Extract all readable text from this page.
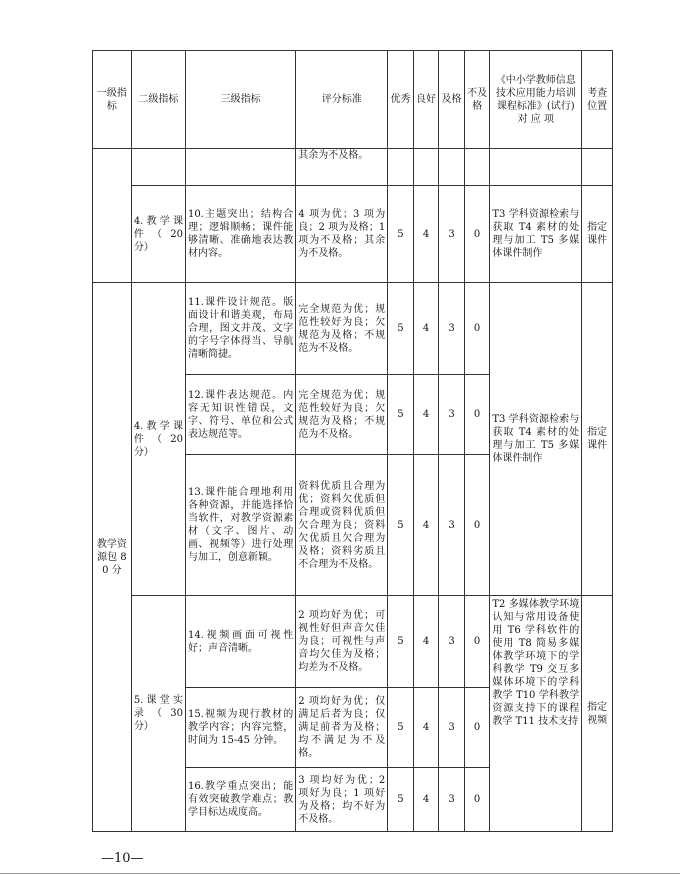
一级指标	二级指标	三级指标	评分标准	优秀	良好	及格	不及格	《中小学教师信息技术应用能力培训课程标准》(试行) 对 应 项	考查位置
			其余为不及格。						
	4. 教 学 课 件 （ 20 分）	10.主题突出；结构合理；逻辑顺畅；课件能够清晰、准确地表达教材内容。	4 项为优；3 项为良；2 项为及格；1 项为不及格；其余为不及格。	5	4	3	0	T3 学科资源检索与获取 T4 素材的处理与加工 T5 多媒体课件制作	指定课件
教学资源包 80 分	4. 教 学 课 件 （ 20 分）	11.课件设计规范。版面设计和谐美观，布局合理，图文并茂、文字的字号字体得当、导航清晰简捷。	完全规范为优；规范性较好为良；欠规范为及格；不规范为不及格。	5	4	3	0	T3 学科资源检索与获取 T4 素材的处理与加工 T5 多媒体课件制作	指定课件
		12.课件表达规范。内容无知识性错误，文字、符号、单位和公式表达规范等。	完全规范为优；规范性较好为良；欠规范为及格；不规范为不及格。	5	4	3	0		
		13.课件能合理地利用各种资源，并能选择恰当软件，对教学资源素材（文字、图片、动画、视频等）进行处理与加工，创意新颖。	资料优质且合理为优；资料欠优质但合理或资料优质但欠合理为良；资料欠优质且欠合理为及格；资料劣质且不合理为不及格。	5	4	3	0		
	5. 课 堂 实 录 （ 30 分）	14.视频画面可视性好；声音清晰。	2 项均好为优；可视性好但声音欠佳为良；可视性与声音均欠佳为及格；均差为不及格。	5	4	3	0	T2 多媒体教学环境认知与常用设备使用 T6 学科软件的使用 T8 简易多媒体教学环境下的学科教学 T9 交互多媒体环境下的学科教学 T10 学科教学资源支持下的课程教学 T11 技术支持	指定视频
		15.视频为现行教材的教学内容；内容完整，时间为 15-45 分钟。	2 项均好为优；仅满足后者为良；仅满足前者为及格；均不满足为不及格。	5	4	3	0		
		16.教学重点突出；能有效突破教学难点；教学目标达成度高。	3 项均好为优；2 项好为良；1 项好为及格；均不好为不及格。	5	4	3	0		
—10—
